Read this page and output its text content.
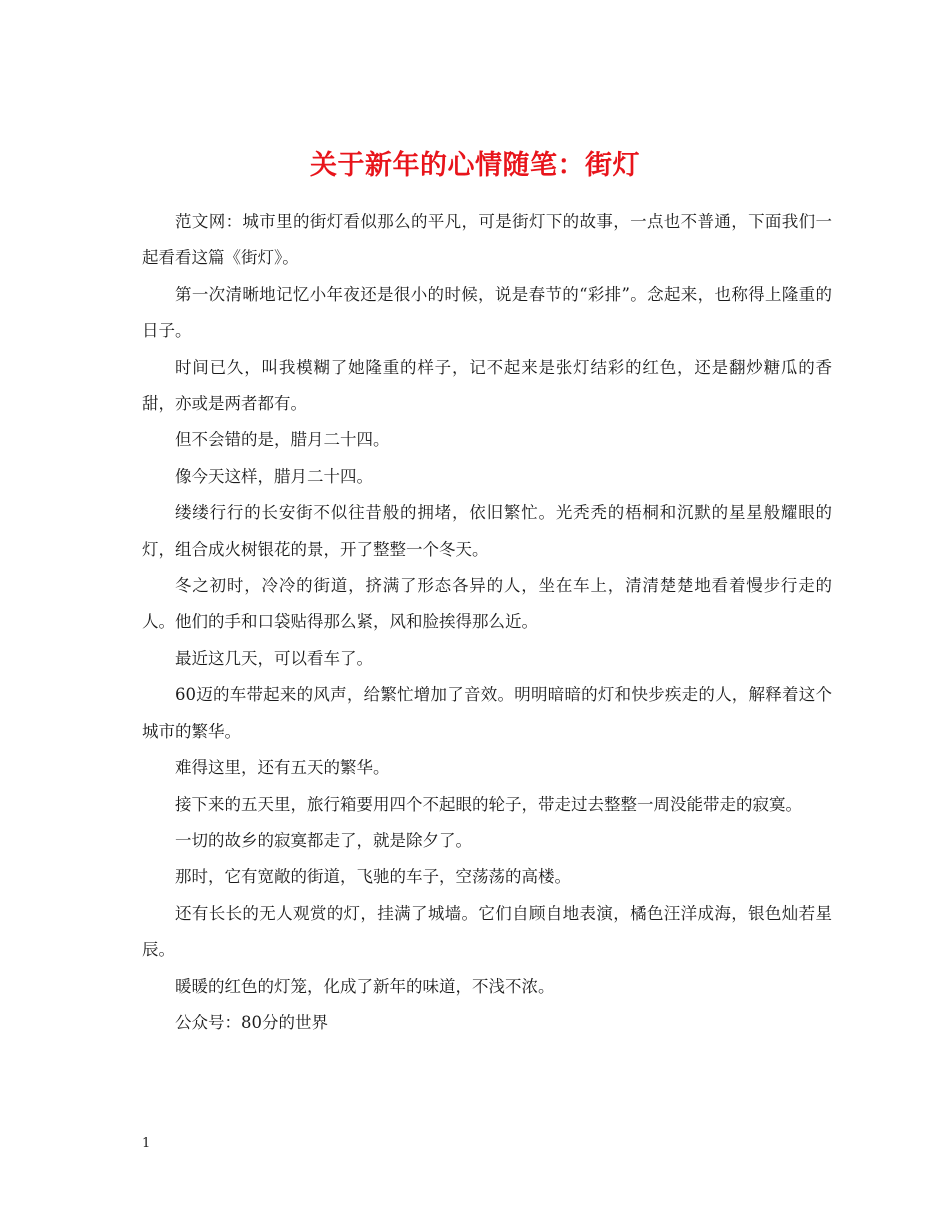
关于新年的心情随笔：街灯

范文网：城市里的街灯看似那么的平凡，可是街灯下的故事，一点也不普通，下面我们一起看看这篇《街灯》。

第一次清晰地记忆小年夜还是很小的时候，说是春节的“彩排”。念起来，也称得上隆重的日子。

时间已久，叫我模糊了她隆重的样子，记不起来是张灯结彩的红色，还是翻炒糖瓜的香甜，亦或是两者都有。

但不会错的是，腊月二十四。

像今天这样，腊月二十四。

缕缕行行的长安街不似往昔般的拥堵，依旧繁忙。光秃秃的梧桐和沉默的星星般耀眼的灯，组合成火树银花的景，开了整整一个冬天。

冬之初时，冷冷的街道，挤满了形态各异的人，坐在车上，清清楚楚地看着慢步行走的人。他们的手和口袋贴得那么紧，风和脸挨得那么近。

最近这几天，可以看车了。

60迈的车带起来的风声，给繁忙增加了音效。明明暗暗的灯和快步疾走的人，解释着这个城市的繁华。

难得这里，还有五天的繁华。

接下来的五天里，旅行箱要用四个不起眼的轮子，带走过去整整一周没能带走的寂寞。

一切的故乡的寂寞都走了，就是除夕了。

那时，它有宽敞的街道，飞驰的车子，空荡荡的高楼。

还有长长的无人观赏的灯，挂满了城墙。它们自顾自地表演，橘色汪洋成海，银色灿若星辰。

暖暖的红色的灯笼，化成了新年的味道，不浅不浓。

公众号：80分的世界

1
